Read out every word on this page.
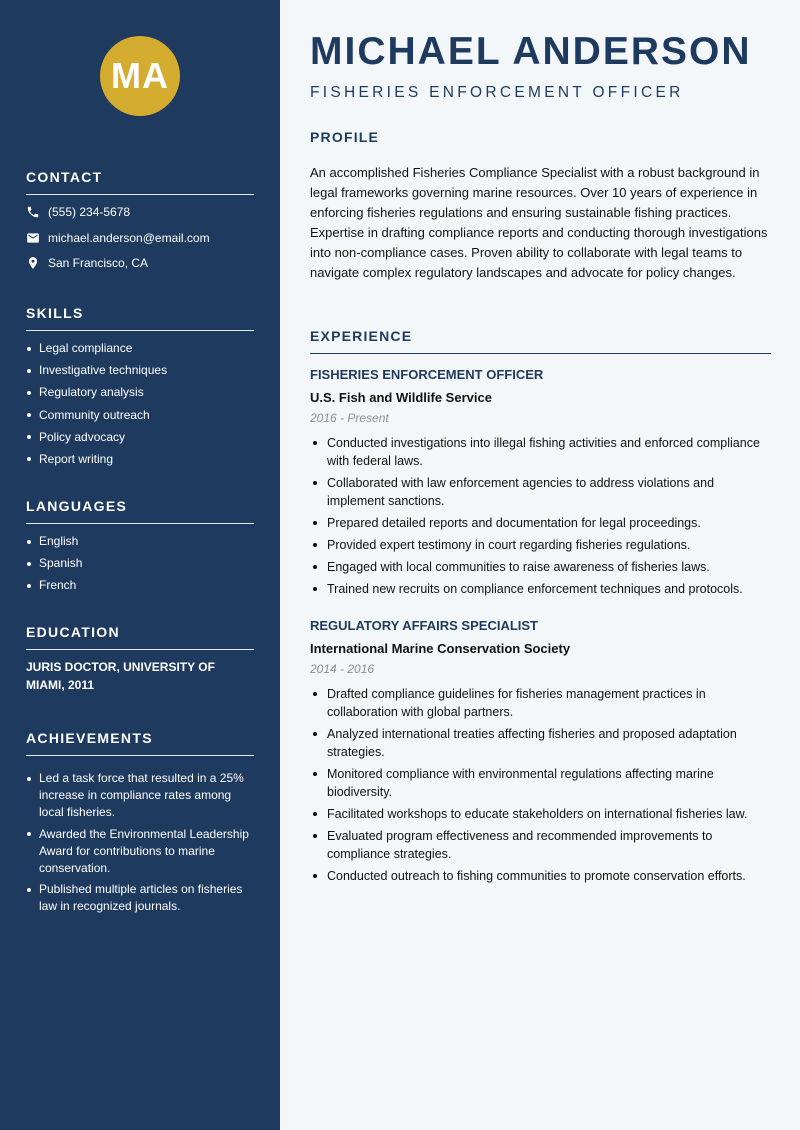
MA
CONTACT
(555) 234-5678
michael.anderson@email.com
San Francisco, CA
SKILLS
Legal compliance
Investigative techniques
Regulatory analysis
Community outreach
Policy advocacy
Report writing
LANGUAGES
English
Spanish
French
EDUCATION
JURIS DOCTOR, UNIVERSITY OF MIAMI, 2011
ACHIEVEMENTS
Led a task force that resulted in a 25% increase in compliance rates among local fisheries.
Awarded the Environmental Leadership Award for contributions to marine conservation.
Published multiple articles on fisheries law in recognized journals.
MICHAEL ANDERSON
FISHERIES ENFORCEMENT OFFICER
PROFILE

An accomplished Fisheries Compliance Specialist with a robust background in legal frameworks governing marine resources. Over 10 years of experience in enforcing fisheries regulations and ensuring sustainable fishing practices. Expertise in drafting compliance reports and conducting thorough investigations into non-compliance cases. Proven ability to collaborate with legal teams to navigate complex regulatory landscapes and advocate for policy changes.

EXPERIENCE
FISHERIES ENFORCEMENT OFFICER
U.S. Fish and Wildlife Service
2016 - Present
Conducted investigations into illegal fishing activities and enforced compliance with federal laws.
Collaborated with law enforcement agencies to address violations and implement sanctions.
Prepared detailed reports and documentation for legal proceedings.
Provided expert testimony in court regarding fisheries regulations.
Engaged with local communities to raise awareness of fisheries laws.
Trained new recruits on compliance enforcement techniques and protocols.
REGULATORY AFFAIRS SPECIALIST
International Marine Conservation Society
2014 - 2016
Drafted compliance guidelines for fisheries management practices in collaboration with global partners.
Analyzed international treaties affecting fisheries and proposed adaptation strategies.
Monitored compliance with environmental regulations affecting marine biodiversity.
Facilitated workshops to educate stakeholders on international fisheries law.
Evaluated program effectiveness and recommended improvements to compliance strategies.
Conducted outreach to fishing communities to promote conservation efforts.
